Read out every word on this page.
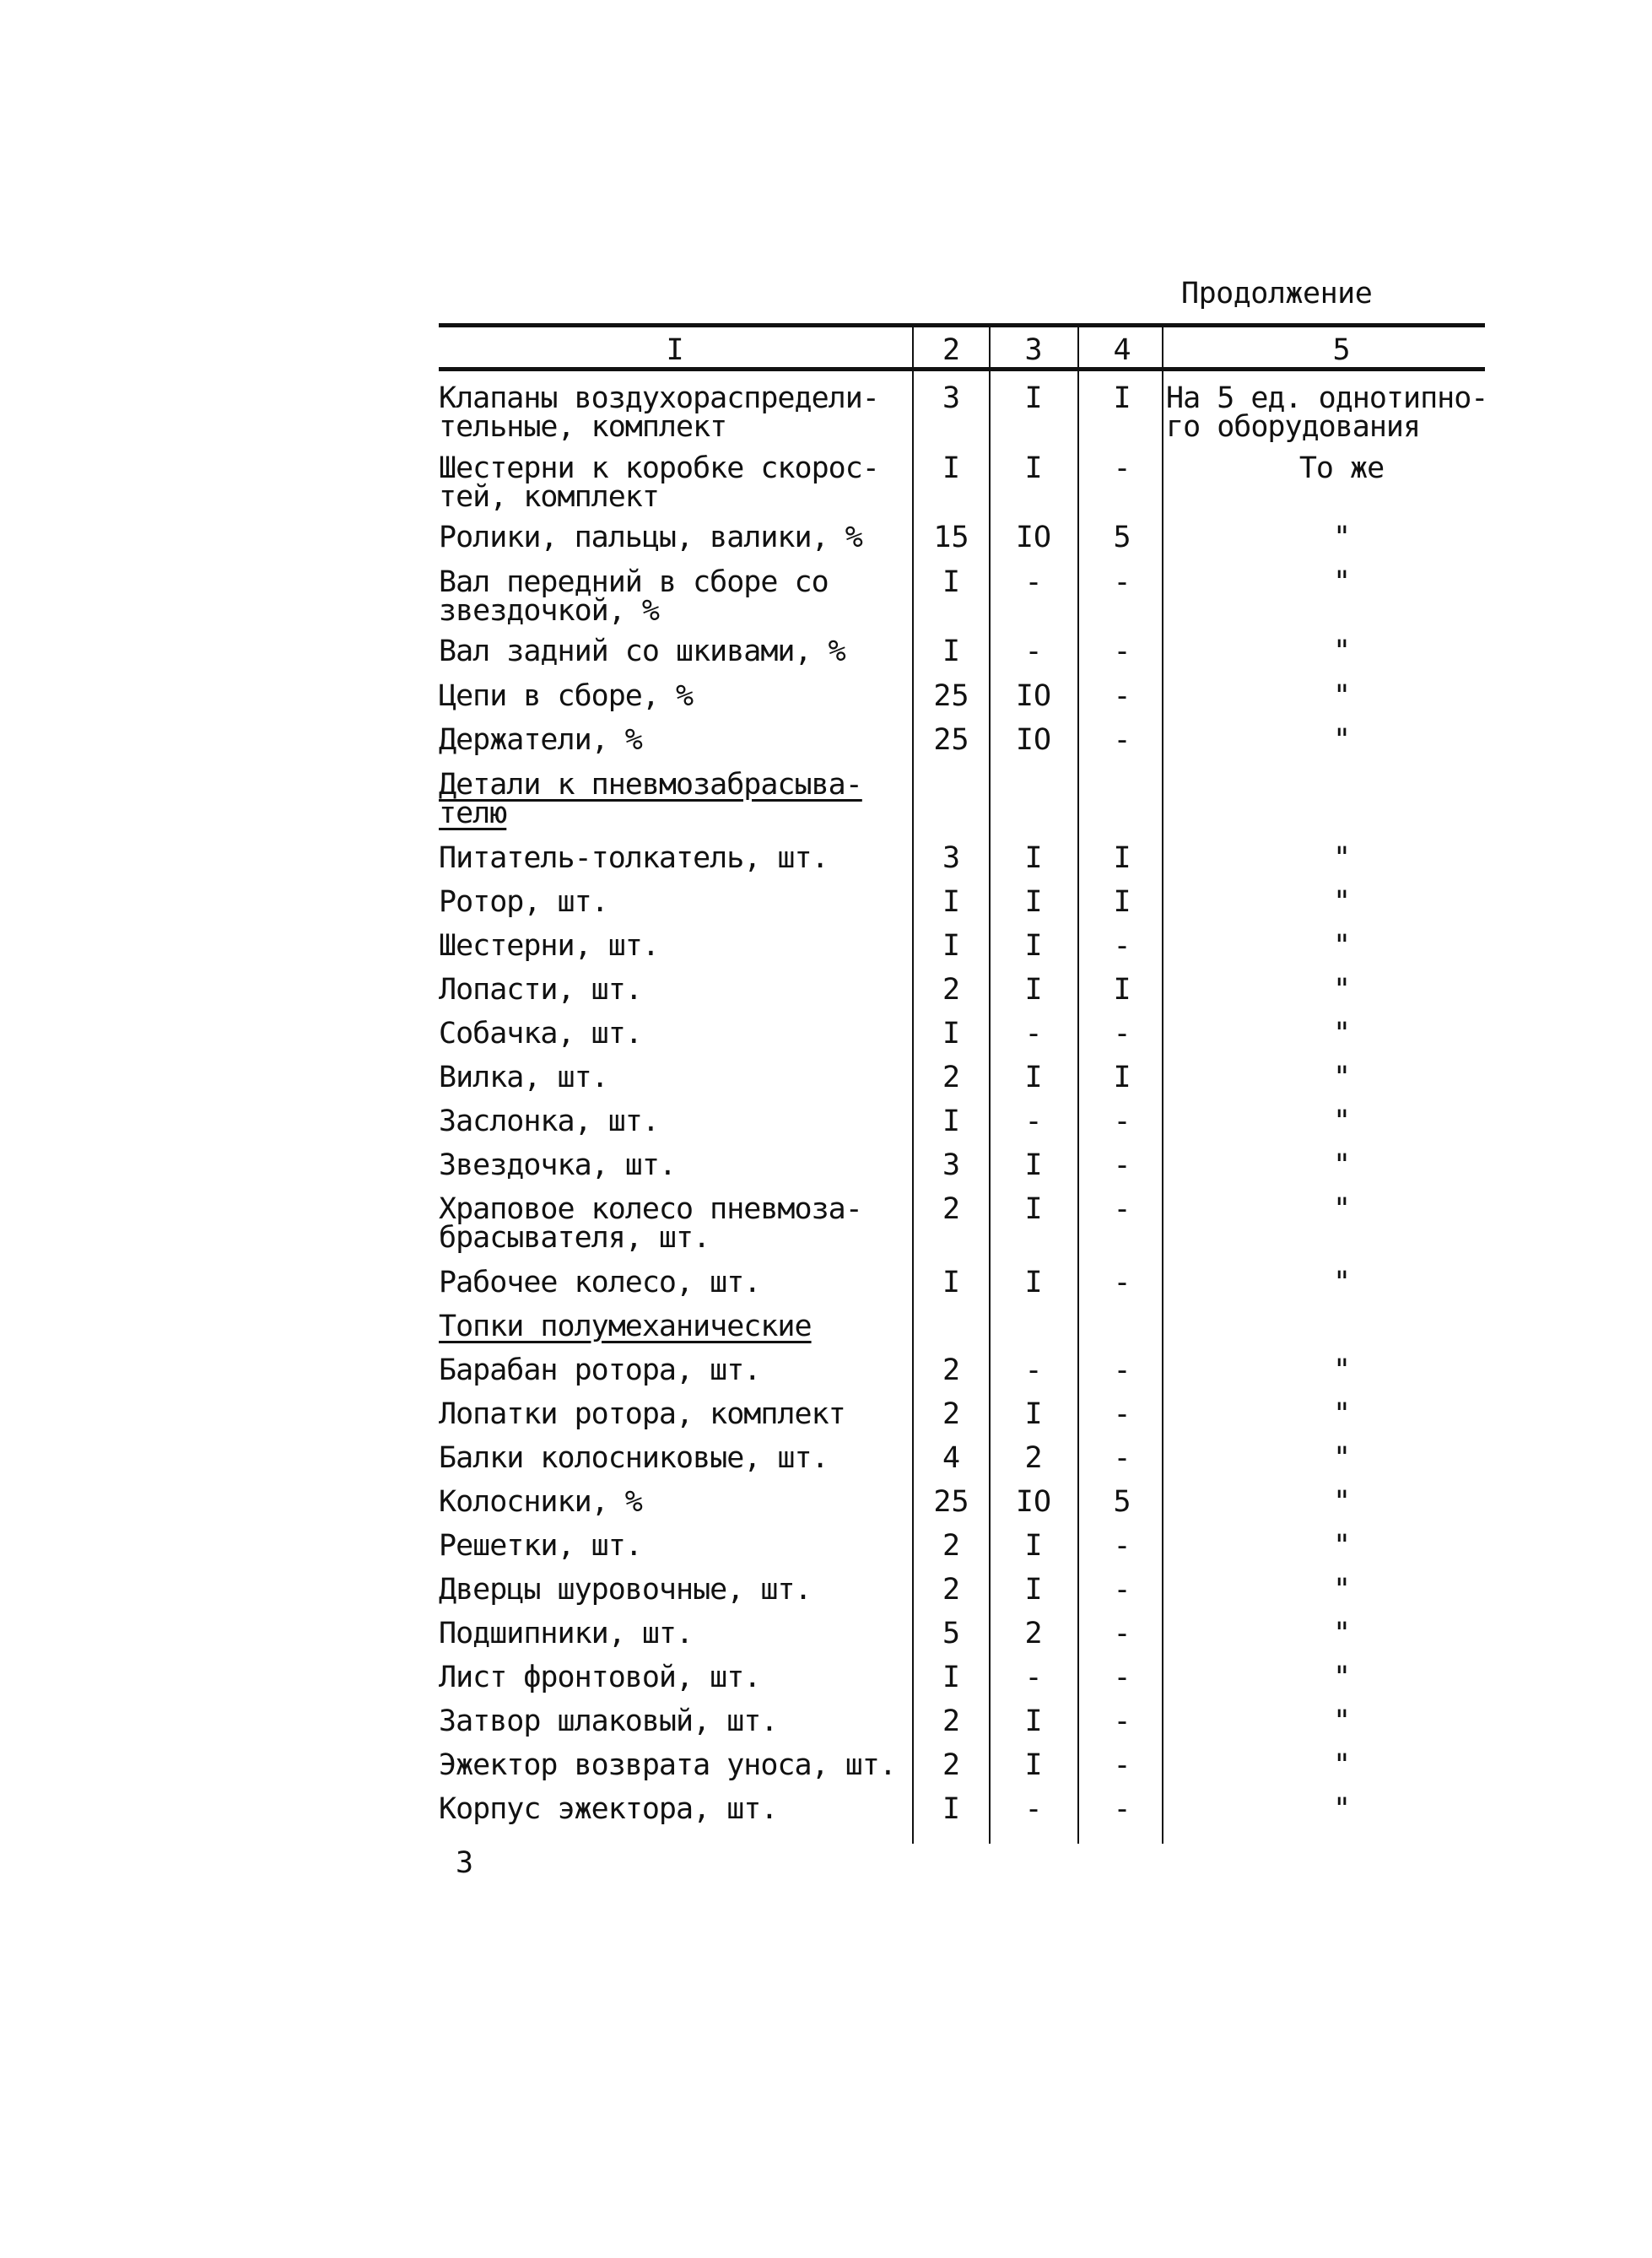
Продолжение
I	2	3	4	5
Клапаны воздухораспредели-
тельные, комплект
3	I	I	На 5 ед. однотипно-
го оборудования
Шестерни к коробке скорос-
тей, комплект
I	I	-	То же
Ролики, пальцы, валики, %	15	IO	5	"
Вал передний в сборе со
звездочкой, %
I	-	-	"
Вал задний со шкивами, %	I	-	-	"
Цепи в сборе, %	25	IO	-	"
Держатели, %	25	IO	-	"
Детали к пневмозабрасыва-
телю
Питатель-толкатель, шт.	3	I	I	"
Ротор, шт.	I	I	I	"
Шестерни, шт.	I	I	-	"
Лопасти, шт.	2	I	I	"
Собачка, шт.	I	-	-	"
Вилка, шт.	2	I	I	"
Заслонка, шт.	I	-	-	"
Звездочка, шт.	3	I	-	"
Храповое колесо пневмоза-
брасывателя, шт.
2	I	-	"
Рабочее колесо, шт.	I	I	-	"
Топки полумеханические
Барабан ротора, шт.	2	-	-	"
Лопатки ротора, комплект	2	I	-	"
Балки колосниковые, шт.	4	2	-	"
Колосники, %	25	IO	5	"
Решетки, шт.	2	I	-	"
Дверцы шуровочные, шт.	2	I	-	"
Подшипники, шт.	5	2	-	"
Лист фронтовой, шт.	I	-	-	"
Затвор шлаковый, шт.	2	I	-	"
Эжектор возврата уноса, шт.	2	I	-	"
Корпус эжектора, шт.	I	-	-	"
3
